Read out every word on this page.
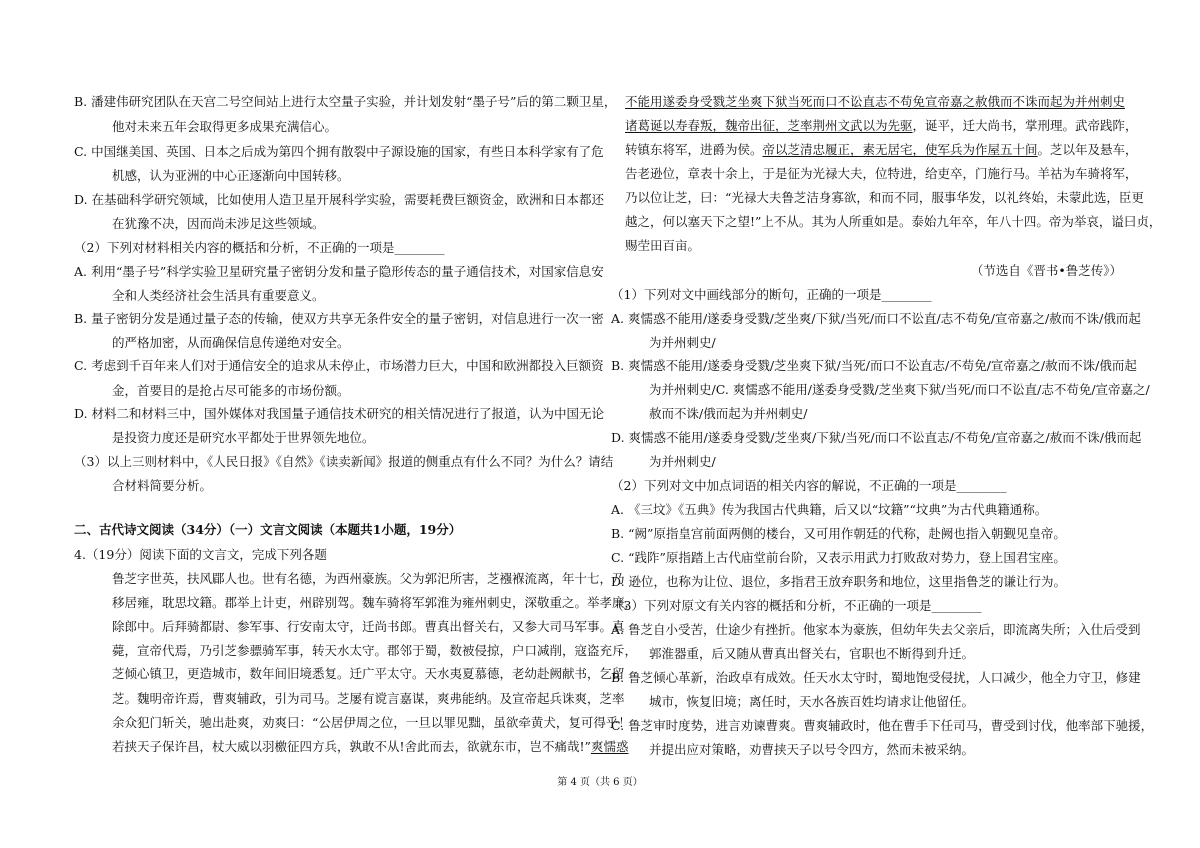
B. 潘建伟研究团队在天宫二号空间站上进行太空量子实验，并计划发射“墨子号”后的第二颗卫星，
他对未来五年会取得更多成果充满信心。
C. 中国继美国、英国、日本之后成为第四个拥有散裂中子源设施的国家，有些日本科学家有了危
机感，认为亚洲的中心正逐渐向中国转移。
D. 在基础科学研究领域，比如使用人造卫星开展科学实验，需要耗费巨额资金，欧洲和日本都还
在犹豫不决，因而尚未涉足这些领域。
（2）下列对材料相关内容的概括和分析，不正确的一项是________
A. 利用“墨子号”科学实验卫星研究量子密钥分发和量子隐形传态的量子通信技术，对国家信息安
全和人类经济社会生活具有重要意义。
B. 量子密钥分发是通过量子态的传输，使双方共享无条件安全的量子密钥，对信息进行一次一密
的严格加密，从而确保信息传递绝对安全。
C. 考虑到千百年来人们对于通信安全的追求从未停止，市场潜力巨大，中国和欧洲都投入巨额资
金，首要目的是抢占尽可能多的市场份额。
D. 材料二和材料三中，国外媒体对我国量子通信技术研究的相关情况进行了报道，认为中国无论
是投资力度还是研究水平都处于世界领先地位。
（3）以上三则材料中，《人民日报》《自然》《读卖新闻》报道的侧重点有什么不同？为什么？请结
合材料简要分析。
二、古代诗文阅读（34分）（一）文言文阅读（本题共1小题，19分）
4.（19分）阅读下面的文言文，完成下列各题
鲁芝字世英，扶风郿人也。世有名德，为西州豪族。父为郭汜所害，芝襁褓流离，年十七，乃
移居雍，耽思坟籍。郡举上计吏，州辟别驾。魏车骑将军郭淮为雍州刺史，深敬重之。举孝廉，
除郎中。后拜骑都尉、参军事、行安南太守，迁尚书郎。曹真出督关右，又参大司马军事。真
薨，宣帝代焉，乃引芝参骠骑军事，转天水太守。郡邻于蜀，数被侵掠，户口减削，寇盗充斥，
芝倾心镇卫，更造城市，数年间旧境悉复。迁广平太守。天水夷夏慕德，老幼赴阙献书，乞留
芝。魏明帝许焉，曹爽辅政，引为司马。芝屡有谠言嘉谋，爽弗能纳。及宣帝起兵诛爽，芝率
余众犯门斩关，驰出赴爽，劝爽曰：“公居伊周之位，一旦以罪见黜，虽欲牵黄犬，复可得乎！
若挟天子保许昌，杖大威以羽檄征四方兵，孰敢不从!舍此而去，欲就东市，岂不痛哉!”爽懦惑
不能用遂委身受戮芝坐爽下狱当死而口不讼直志不苟免宣帝嘉之赦俄而不诛而起为并州刺史
诸葛诞以寿春叛，魏帝出征，芝率荆州文武以为先驱，诞平，迁大尚书，掌刑理。武帝践阼，
转镇东将军，进爵为侯。帝以芝清忠履正，素无居宅，使军兵为作屋五十间。芝以年及悬车，
告老逊位，章表十余上，于是征为光禄大夫，位特进，给吏卒，门施行马。羊祜为车骑将军，
乃以位让芝，曰：“光禄大夫鲁芝洁身寡欲，和而不同，服事华发，以礼终始，未蒙此选，臣更
越之，何以塞天下之望!”上不从。其为人所重如是。泰始九年卒，年八十四。帝为举哀，谥曰贞，
赐茔田百亩。
（节选自《晋书•鲁芝传》）
（1）下列对文中画线部分的断句，正确的一项是________
A. 爽懦惑不能用/遂委身受戮/芝坐爽/下狱/当死/而口不讼直/志不苟免/宣帝嘉之/赦而不诛/俄而起
为并州刺史/
B. 爽懦惑不能用/遂委身受戮/芝坐爽下狱/当死/而口不讼直志/不苟免/宣帝嘉之/赦而不诛/俄而起
为并州刺史/C. 爽懦惑不能用/遂委身受戮/芝坐爽下狱/当死/而口不讼直/志不苟免/宣帝嘉之/
赦而不诛/俄而起为并州刺史/
D. 爽懦惑不能用/遂委身受戮/芝坐爽/下狱/当死/而口不讼直志/不苟免/宣帝嘉之/赦而不诛/俄而起
为并州刺史/
（2）下列对文中加点词语的相关内容的解说，不正确的一项是________
A. 《三坟》《五典》传为我国古代典籍，后又以“坟籍”“坟典”为古代典籍通称。
B. “阙”原指皇宫前面两侧的楼台，又可用作朝廷的代称，赴阙也指入朝觐见皇帝。
C. “践阼”原指踏上古代庙堂前台阶，又表示用武力打败敌对势力，登上国君宝座。
D. 逊位，也称为让位、退位，多指君王放弃职务和地位，这里指鲁芝的谦让行为。
（3）下列对原文有关内容的概括和分析，不正确的一项是________
A. 鲁芝自小受苦，仕途少有挫折。他家本为豪族，但幼年失去父亲后，即流离失所；入仕后受到
郭淮器重，后又随从曹真出督关右，官职也不断得到升迁。
B. 鲁芝倾心革新，治政卓有成效。任天水太守时，蜀地饱受侵扰，人口减少，他全力守卫，修建
城市，恢复旧境；离任时，天水各族百姓均请求让他留任。
C. 鲁芝审时度势，进言劝谏曹爽。曹爽辅政时，他在曹手下任司马，曹受到讨伐，他率部下驰援，
并提出应对策略，劝曹挟天子以号令四方，然而未被采纳。
第 4 页（共 6 页）
